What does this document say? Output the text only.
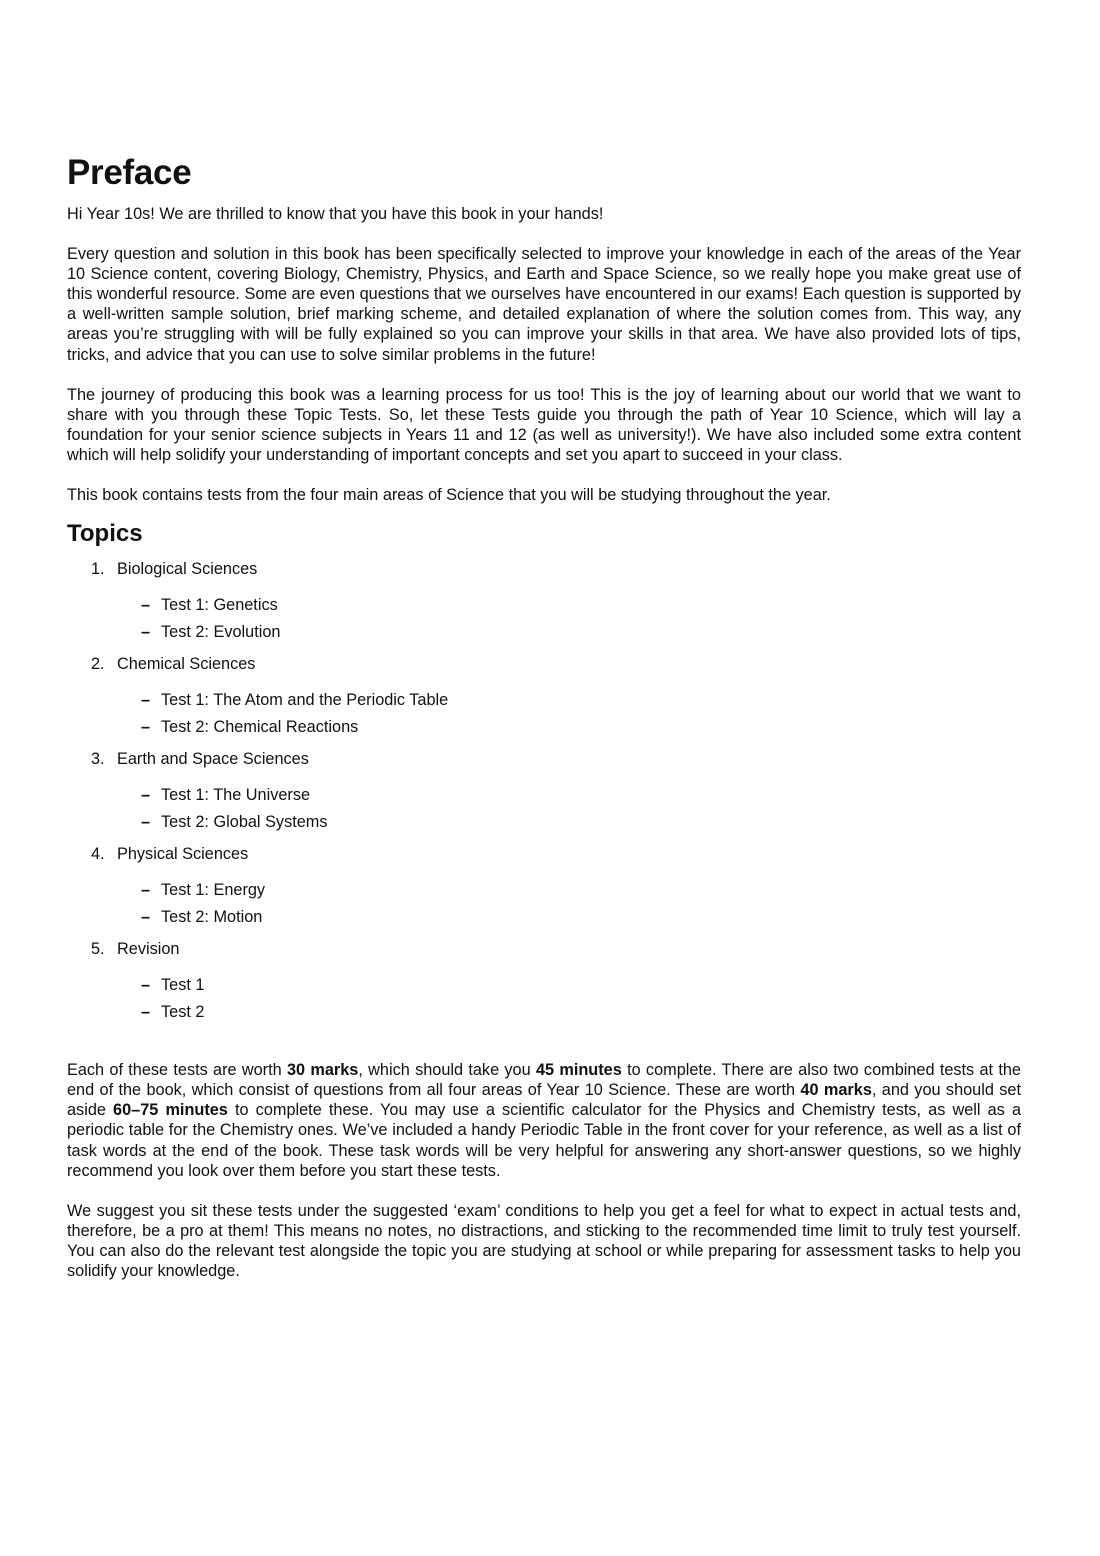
Preface

Hi Year 10s! We are thrilled to know that you have this book in your hands!

Every question and solution in this book has been specifically selected to improve your knowledge in each of the areas of the Year 10 Science content, covering Biology, Chemistry, Physics, and Earth and Space Science, so we really hope you make great use of this wonderful resource. Some are even questions that we ourselves have encountered in our exams! Each question is supported by a well-written sample solution, brief marking scheme, and detailed explanation of where the solution comes from. This way, any areas you’re struggling with will be fully explained so you can improve your skills in that area. We have also provided lots of tips, tricks, and advice that you can use to solve similar problems in the future!

The journey of producing this book was a learning process for us too! This is the joy of learning about our world that we want to share with you through these Topic Tests. So, let these Tests guide you through the path of Year 10 Science, which will lay a foundation for your senior science subjects in Years 11 and 12 (as well as university!). We have also included some extra content which will help solidify your understanding of important concepts and set you apart to succeed in your class.

This book contains tests from the four main areas of Science that you will be studying throughout the year.

Topics
1. Biological Sciences
– Test 1: Genetics
– Test 2: Evolution
2. Chemical Sciences
– Test 1: The Atom and the Periodic Table
– Test 2: Chemical Reactions
3. Earth and Space Sciences
– Test 1: The Universe
– Test 2: Global Systems
4. Physical Sciences
– Test 1: Energy
– Test 2: Motion
5. Revision
– Test 1
– Test 2

Each of these tests are worth 30 marks, which should take you 45 minutes to complete. There are also two combined tests at the end of the book, which consist of questions from all four areas of Year 10 Science. These are worth 40 marks, and you should set aside 60–75 minutes to complete these. You may use a scientific calculator for the Physics and Chemistry tests, as well as a periodic table for the Chemistry ones. We’ve included a handy Periodic Table in the front cover for your reference, as well as a list of task words at the end of the book. These task words will be very helpful for answering any short-answer questions, so we highly recommend you look over them before you start these tests.

We suggest you sit these tests under the suggested ‘exam’ conditions to help you get a feel for what to expect in actual tests and, therefore, be a pro at them! This means no notes, no distractions, and sticking to the recommended time limit to truly test yourself. You can also do the relevant test alongside the topic you are studying at school or while preparing for assessment tasks to help you solidify your knowledge.
